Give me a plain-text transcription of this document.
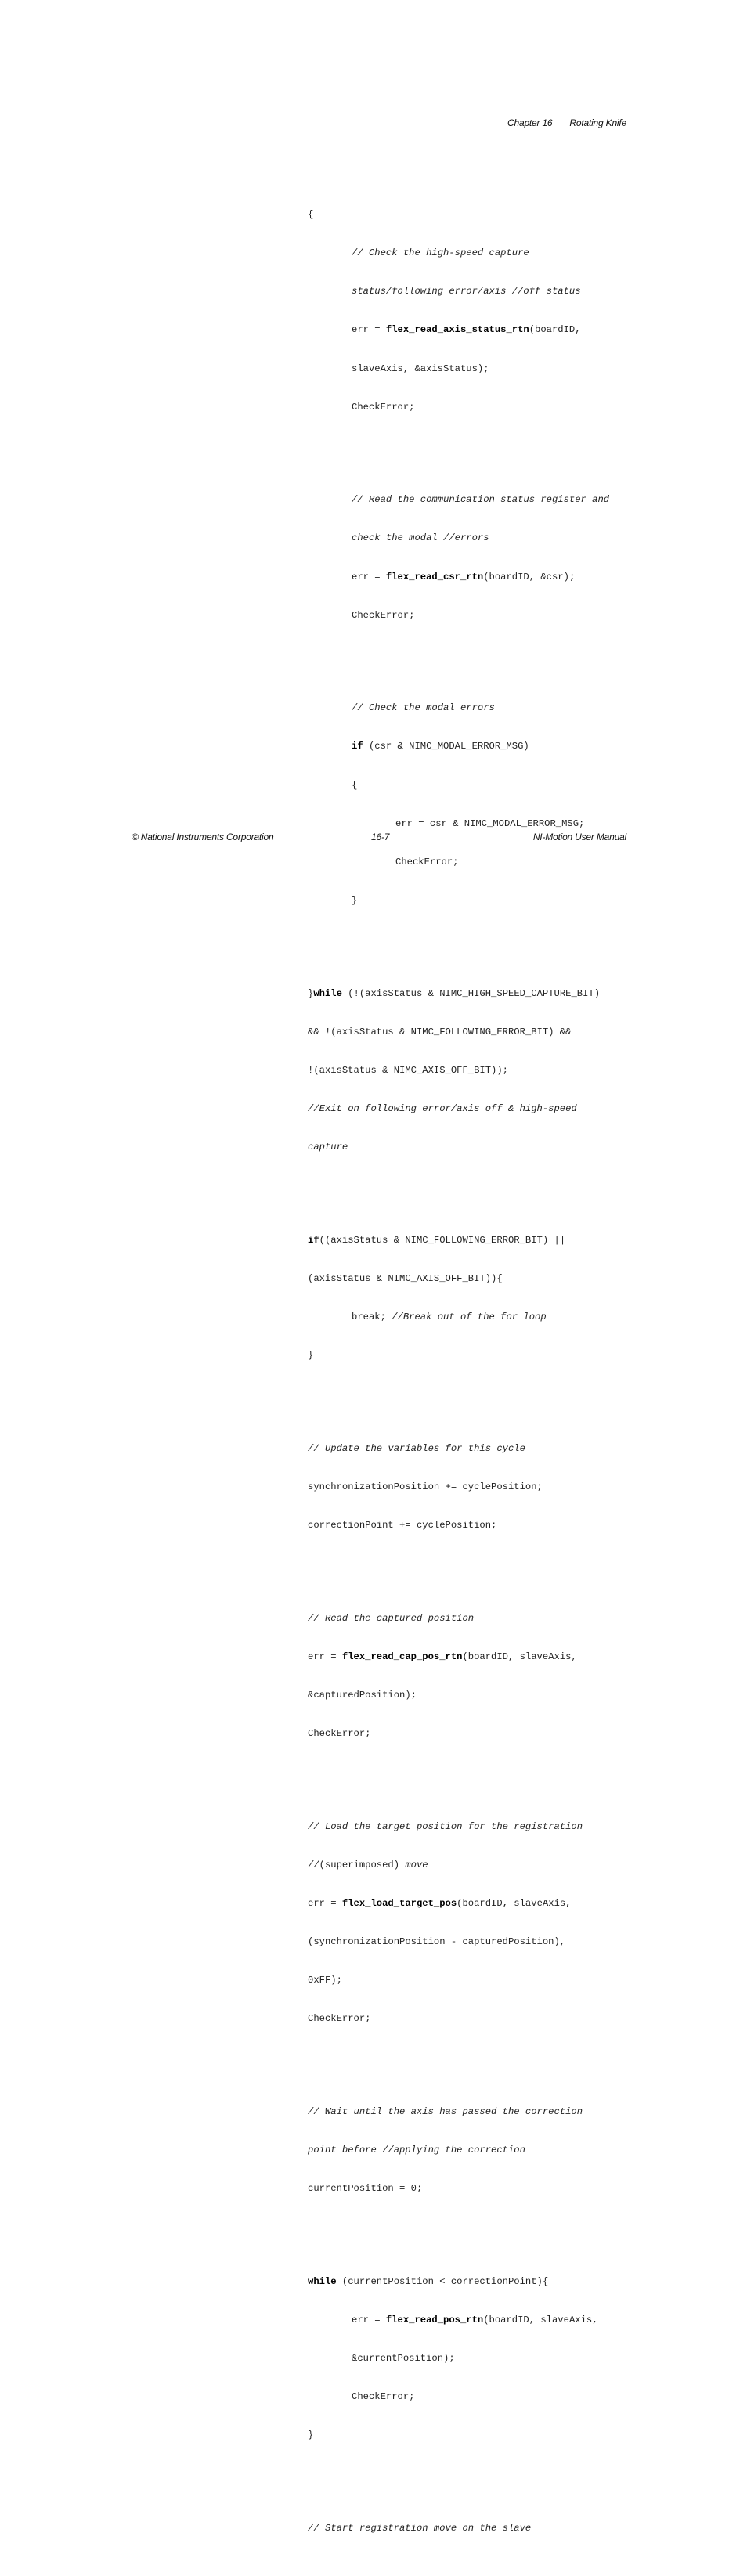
Chapter 16 Rotating Knife

{

// Check the high-speed capture

status/following error/axis //off status

err = flex_read_axis_status_rtn(boardID,

slaveAxis, &axisStatus);

CheckError;

// Read the communication status register and

check the modal //errors

err = flex_read_csr_rtn(boardID, &csr);

CheckError;

// Check the modal errors

if (csr & NIMC_MODAL_ERROR_MSG)

{

err = csr & NIMC_MODAL_ERROR_MSG;

CheckError;

}

}while (!(axisStatus & NIMC_HIGH_SPEED_CAPTURE_BIT)

&& !(axisStatus & NIMC_FOLLOWING_ERROR_BIT) &&

!(axisStatus & NIMC_AXIS_OFF_BIT));

//Exit on following error/axis off & high-speed

capture

if((axisStatus & NIMC_FOLLOWING_ERROR_BIT) ||

(axisStatus & NIMC_AXIS_OFF_BIT)){

break; //Break out of the for loop

}

// Update the variables for this cycle

synchronizationPosition += cyclePosition;

correctionPoint += cyclePosition;

// Read the captured position

err = flex_read_cap_pos_rtn(boardID, slaveAxis,

&capturedPosition);

CheckError;

// Load the target position for the registration

//(superimposed) move

err = flex_load_target_pos(boardID, slaveAxis,

(synchronizationPosition - capturedPosition),

0xFF);

CheckError;

// Wait until the axis has passed the correction

point before //applying the correction

currentPosition = 0;

while (currentPosition < correctionPoint){

err = flex_read_pos_rtn(boardID, slaveAxis,

&currentPosition);

CheckError;

}

// Start registration move on the slave

© National Instruments Corporation	16-7	NI-Motion User Manual
